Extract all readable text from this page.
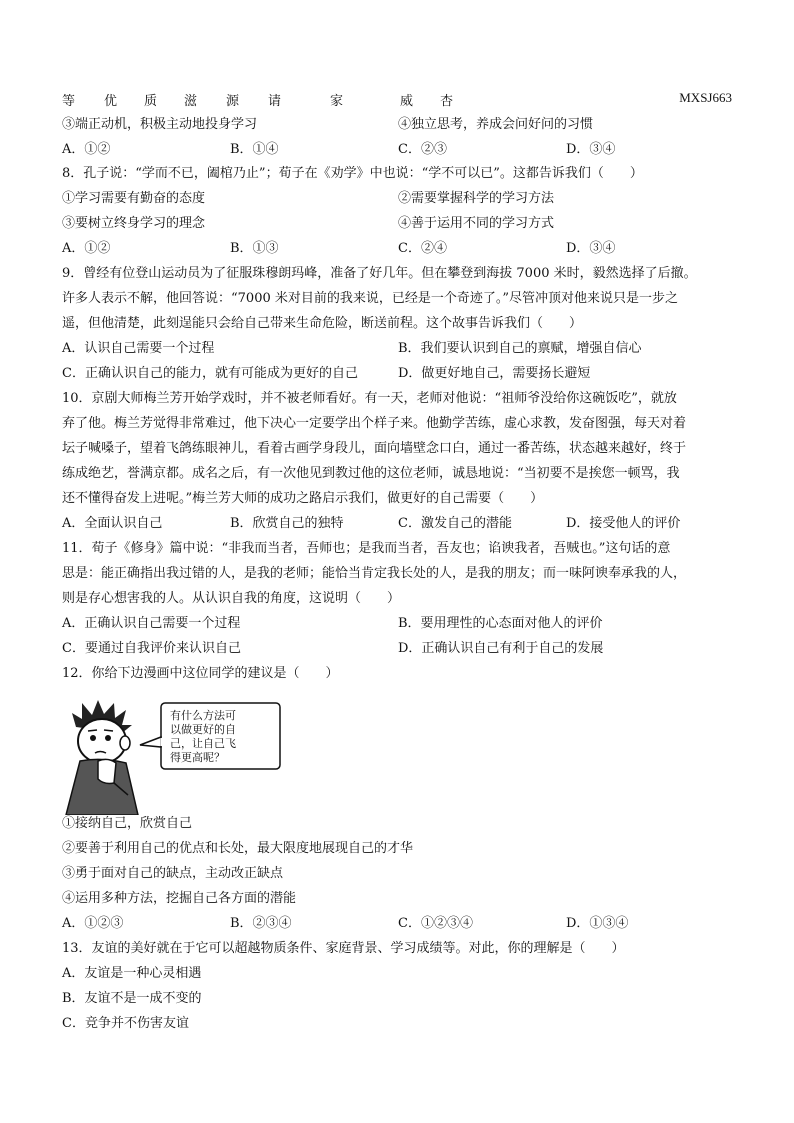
等 优 质 滋 源 请	家	威 杏	MXSJ663
③端正动机，积极主动地投身学习	④独立思考，养成会问好问的习惯
A．①②	B．①④	C．②③	D．③④
8．孔子说：“学而不已，阖棺乃止”；荀子在《劝学》中也说：“学不可以已”。这都告诉我们（　　）
①学习需要有勤奋的态度	②需要掌握科学的学习方法
③要树立终身学习的理念	④善于运用不同的学习方式
A．①②	B．①③	C．②④	D．③④
9．曾经有位登山运动员为了征服珠穆朗玛峰，准备了好几年。但在攀登到海拔 7000 米时，毅然选择了后撤。
许多人表示不解，他回答说：“7000 米对目前的我来说，已经是一个奇迹了。”尽管冲顶对他来说只是一步之
遥，但他清楚，此刻逞能只会给自己带来生命危险，断送前程。这个故事告诉我们（　　）
A．认识自己需要一个过程	B．我们要认识到自己的禀赋，增强自信心
C．正确认识自己的能力，就有可能成为更好的自己	D．做更好地自己，需要扬长避短
10．京剧大师梅兰芳开始学戏时，并不被老师看好。有一天，老师对他说：“祖师爷没给你这碗饭吃”，就放
弃了他。梅兰芳觉得非常难过，他下决心一定要学出个样子来。他勤学苦练，虚心求教，发奋图强，每天对着
坛子喊嗓子，望着飞鸽练眼神儿，看着古画学身段儿，面向墙壁念口白，通过一番苦练，状态越来越好，终于
练成绝艺，誉满京都。成名之后，有一次他见到教过他的这位老师，诚恳地说：“当初要不是挨您一顿骂，我
还不懂得奋发上进呢。”梅兰芳大师的成功之路启示我们，做更好的自己需要（　　）
A．全面认识自己	B．欣赏自己的独特	C．激发自己的潜能	D．接受他人的评价
11．荀子《修身》篇中说：“非我而当者，吾师也；是我而当者，吾友也；谄谀我者，吾贼也。”这句话的意
思是：能正确指出我过错的人，是我的老师；能恰当肯定我长处的人，是我的朋友；而一味阿谀奉承我的人，
则是存心想害我的人。从认识自我的角度，这说明（　　）
A．正确认识自己需要一个过程	B．要用理性的心态面对他人的评价
C．要通过自我评价来认识自己	D．正确认识自己有利于自己的发展
12．你给下边漫画中这位同学的建议是（　　）
有什么方法可
以做更好的自
己，让自己飞
得更高呢？
①接纳自己，欣赏自己
②要善于利用自己的优点和长处，最大限度地展现自己的才华
③勇于面对自己的缺点，主动改正缺点
④运用多种方法，挖掘自己各方面的潜能
A．①②③	B．②③④	C．①②③④	D．①③④
13．友谊的美好就在于它可以超越物质条件、家庭背景、学习成绩等。对此，你的理解是（　　）
A．友谊是一种心灵相遇
B．友谊不是一成不变的
C．竞争并不伤害友谊
